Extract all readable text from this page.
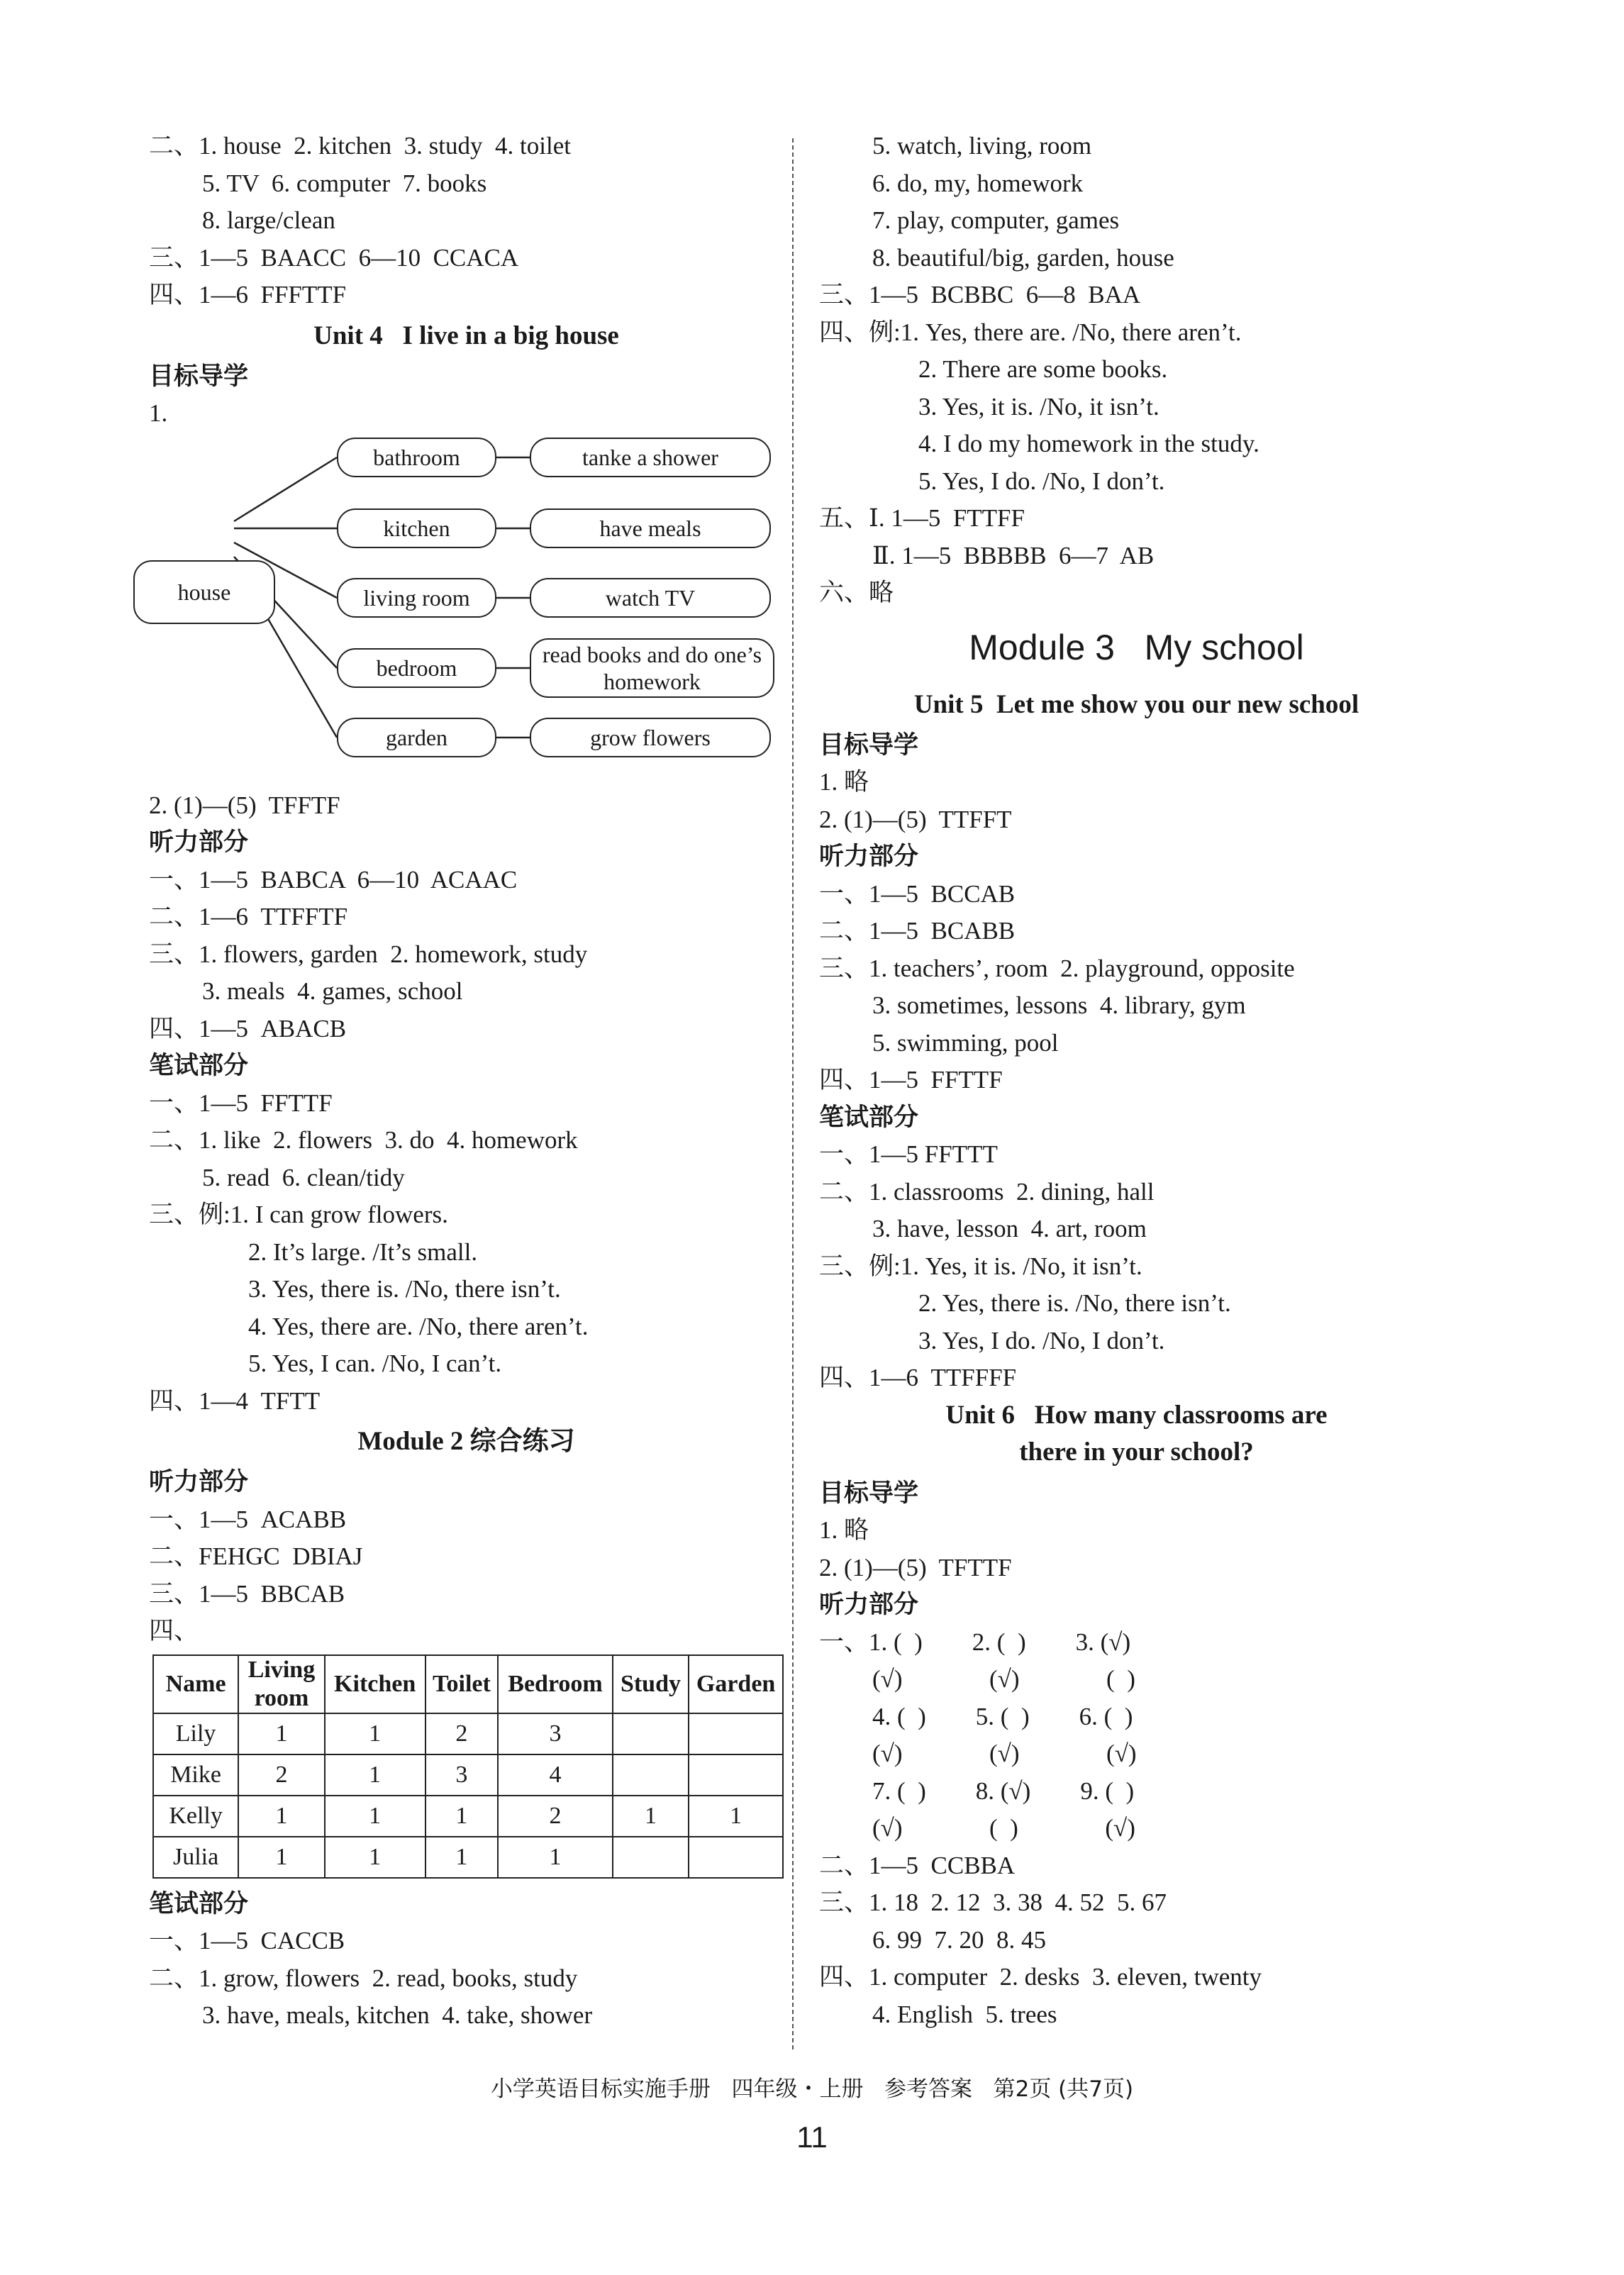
二、1. house  2. kitchen  3. study  4. toilet
5. TV  6. computer  7. books
8. large/clean
三、1—5  BAACC  6—10  CCACA
四、1—6  FFFTTF
Unit 4   I live in a big house
目标导学
1.
house
bathroom
kitchen
living room
bedroom
garden
tanke a shower
have meals
watch TV
read books and do one’s homework
grow flowers
2. (1)—(5)  TFFTF
听力部分
一、1—5  BABCA  6—10  ACAAC
二、1—6  TTFFTF
三、1. flowers, garden  2. homework, study
3. meals  4. games, school
四、1—5  ABACB
笔试部分
一、1—5  FFTTF
二、1. like  2. flowers  3. do  4. homework
5. read  6. clean/tidy
三、例:1. I can grow flowers.
2. It’s large. /It’s small.
3. Yes, there is. /No, there isn’t.
4. Yes, there are. /No, there aren’t.
5. Yes, I can. /No, I can’t.
四、1—4  TFTT
Module 2 综合练习
听力部分
一、1—5  ACABB
二、FEHGC  DBIAJ
三、1—5  BBCAB
四、
Name	Living room	Kitchen	Toilet	Bedroom	Study	Garden
Lily	1	1	2	3		
Mike	2	1	3	4		
Kelly	1	1	1	2	1	1
Julia	1	1	1	1		
笔试部分
一、1—5  CACCB
二、1. grow, flowers  2. read, books, study
3. have, meals, kitchen  4. take, shower
5. watch, living, room
6. do, my, homework
7. play, computer, games
8. beautiful/big, garden, house
三、1—5  BCBBC  6—8  BAA
四、例:1. Yes, there are. /No, there aren’t.
2. There are some books.
3. Yes, it is. /No, it isn’t.
4. I do my homework in the study.
5. Yes, I do. /No, I don’t.
五、Ⅰ. 1—5  FTTFF
Ⅱ. 1—5  BBBBB  6—7  AB
六、略
Module 3   My school
Unit 5  Let me show you our new school
目标导学
1. 略
2. (1)—(5)  TTFFT
听力部分
一、1—5  BCCAB
二、1—5  BCABB
三、1. teachers’, room  2. playground, opposite
3. sometimes, lessons  4. library, gym
5. swimming, pool
四、1—5  FFTTF
笔试部分
一、1—5 FFTTT
二、1. classrooms  2. dining, hall
3. have, lesson  4. art, room
三、例:1. Yes, it is. /No, it isn’t.
2. Yes, there is. /No, there isn’t.
3. Yes, I do. /No, I don’t.
四、1—6  TTFFFF
Unit 6   How many classrooms are
there in your school?
目标导学
1. 略
2. (1)—(5)  TFTTF
听力部分
一、1. (  )        2. (  )        3. (√)
(√)              (√)              (  )
4. (  )        5. (  )        6. (  )
(√)              (√)              (√)
7. (  )        8. (√)        9. (  )
(√)              (  )              (√)
二、1—5  CCBBA
三、1. 18  2. 12  3. 38  4. 52  5. 67
6. 99  7. 20  8. 45
四、1. computer  2. desks  3. eleven, twenty
4. English  5. trees
小学英语目标实施手册   四年级・上册   参考答案   第2页 (共7页)
11
